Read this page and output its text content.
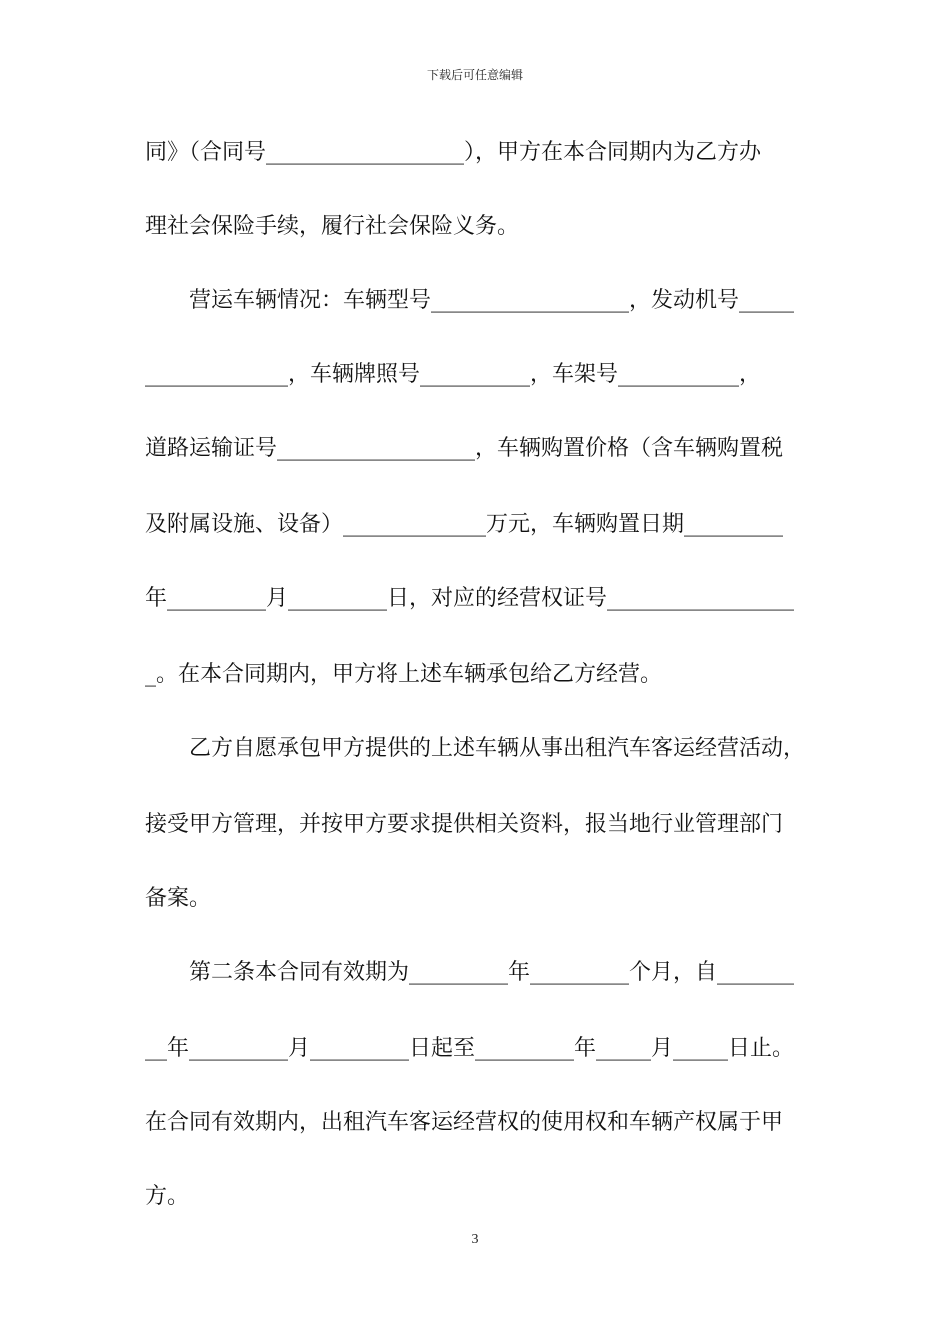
下载后可任意编辑
同》（合同号__________________），甲方在本合同期内为乙方办
理社会保险手续，履行社会保险义务。
　　营运车辆情况：车辆型号__________________，发动机号_____
_____________，车辆牌照号__________，车架号___________，
道路运输证号__________________，车辆购置价格（含车辆购置税
及附属设施、设备）_____________万元，车辆购置日期_________
年_________月_________日，对应的经营权证号_________________
_。在本合同期内，甲方将上述车辆承包给乙方经营。
　　乙方自愿承包甲方提供的上述车辆从事出租汽车客运经营活动，
接受甲方管理，并按甲方要求提供相关资料，报当地行业管理部门
备案。
　　第二条本合同有效期为_________年_________个月，自_______
__年_________月_________日起至_________年_____月_____日止。
在合同有效期内，出租汽车客运经营权的使用权和车辆产权属于甲
方。
3
